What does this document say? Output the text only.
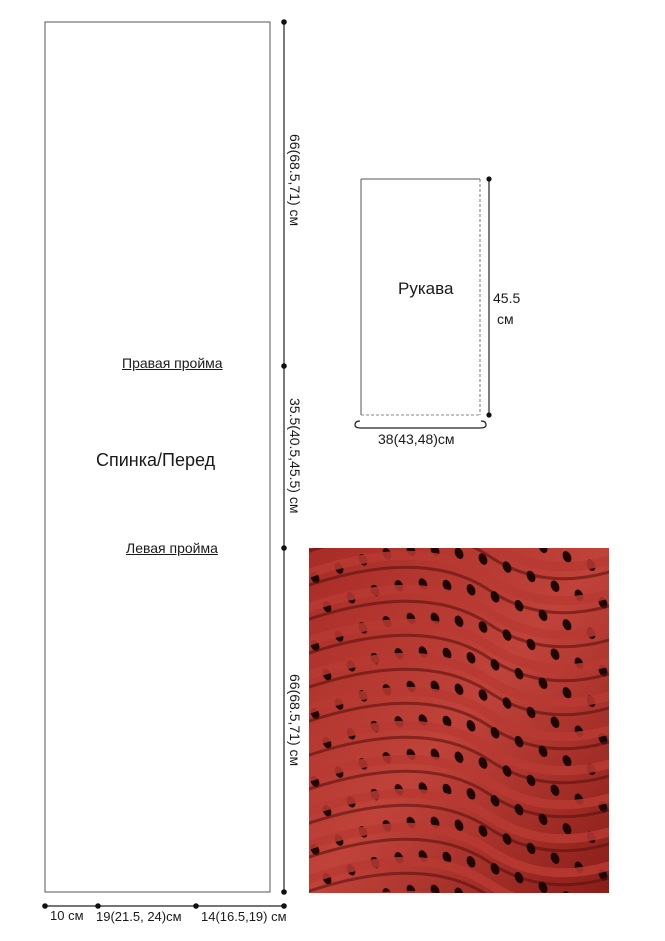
Правая пройма
Спинка/Перед
Левая пройма
66(68.5,71) см
35.5(40.5,45.5) см
66(68.5,71) см
10 см 19(21.5, 24)см 14(16.5,19) см
Рукава	45.5
см
38(43,48)см
